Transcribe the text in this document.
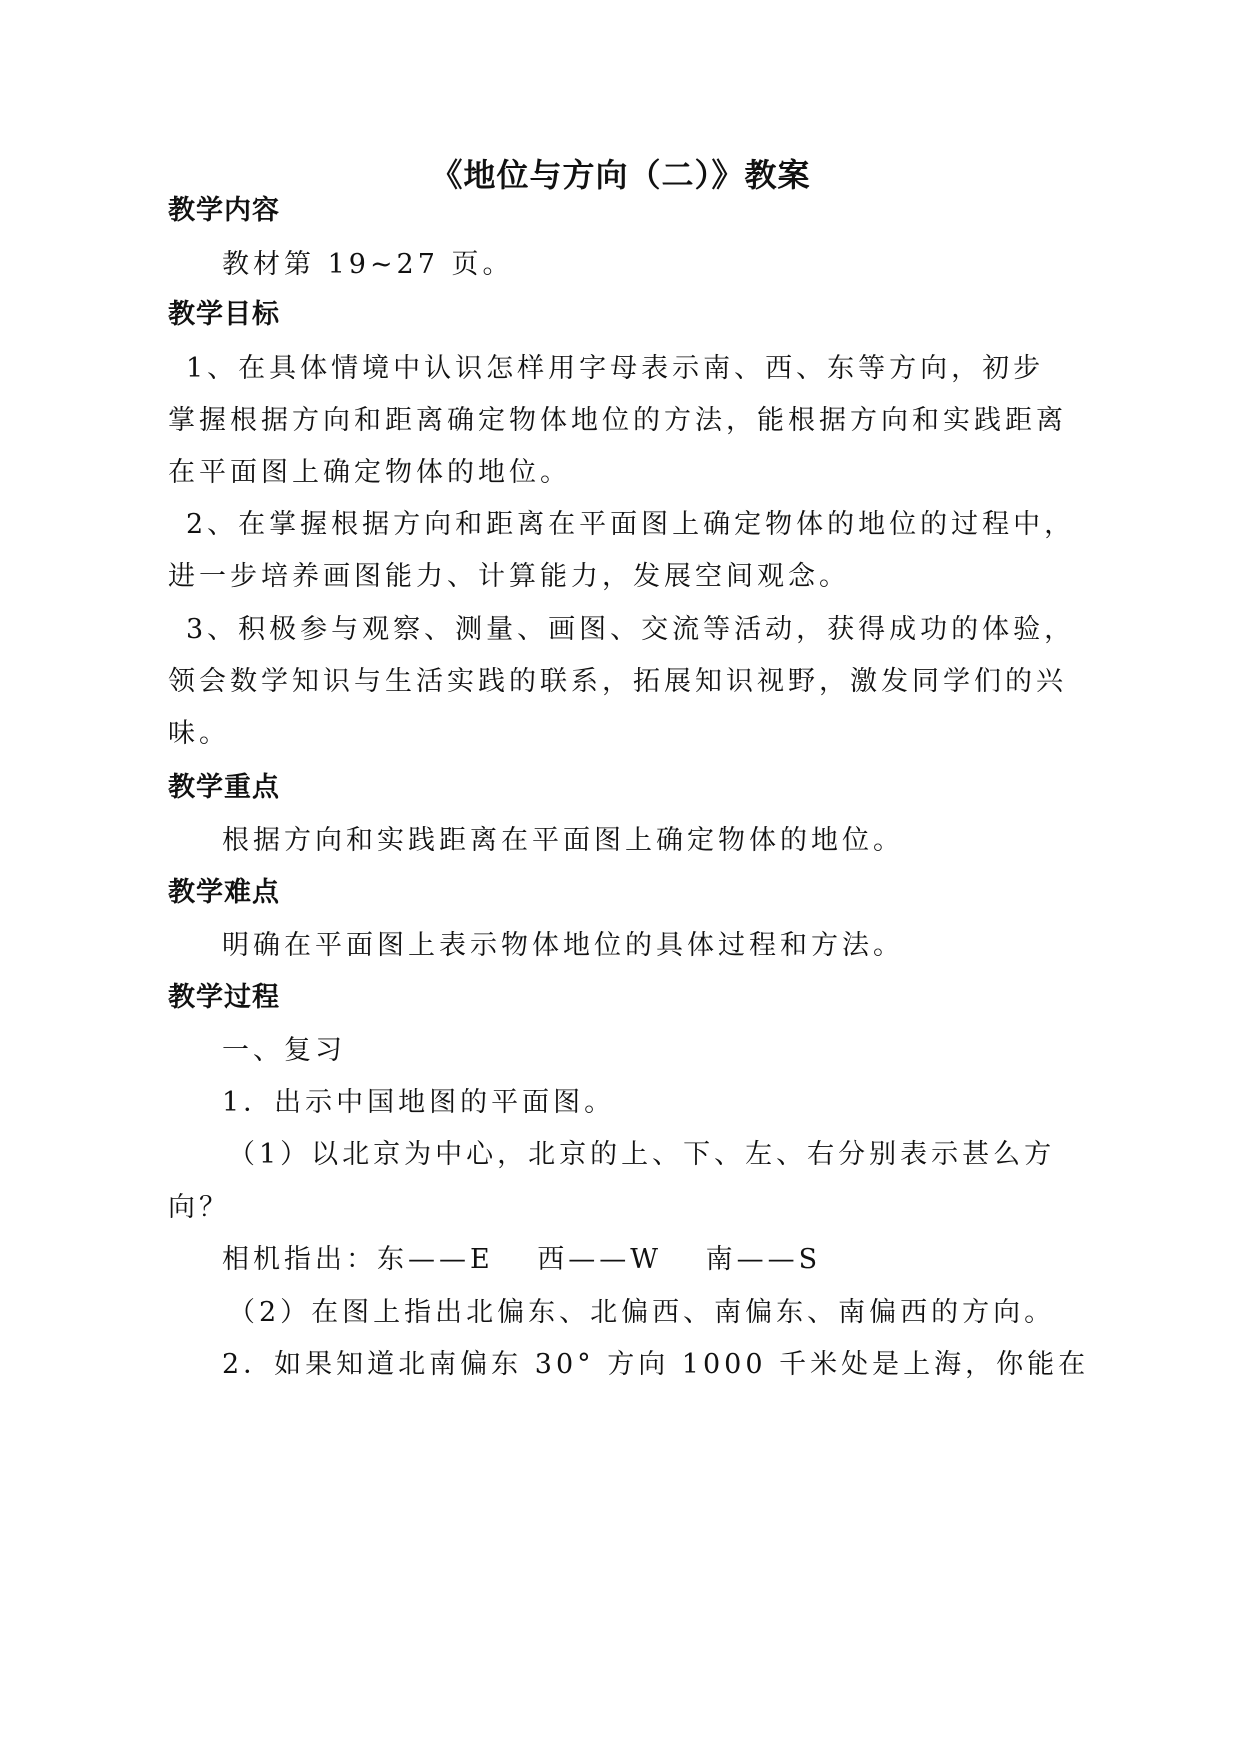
《地位与方向（二）》教案
教学内容
教材第 19~27 页。
教学目标
1、在具体情境中认识怎样用字母表示南、西、东等方向，初步
掌握根据方向和距离确定物体地位的方法，能根据方向和实践距离
在平面图上确定物体的地位。
2、在掌握根据方向和距离在平面图上确定物体的地位的过程中，
进一步培养画图能力、计算能力，发展空间观念。
3、积极参与观察、测量、画图、交流等活动，获得成功的体验，
领会数学知识与生活实践的联系，拓展知识视野，激发同学们的兴
味。
教学重点
根据方向和实践距离在平面图上确定物体的地位。
教学难点
明确在平面图上表示物体地位的具体过程和方法。
教学过程
一、复习
1．出示中国地图的平面图。
（1）以北京为中心，北京的上、下、左、右分别表示甚么方
向？
相机指出：东——E　 西——W　 南——S
（2）在图上指出北偏东、北偏西、南偏东、南偏西的方向。
2．如果知道北南偏东 30° 方向 1000 千米处是上海，你能在
